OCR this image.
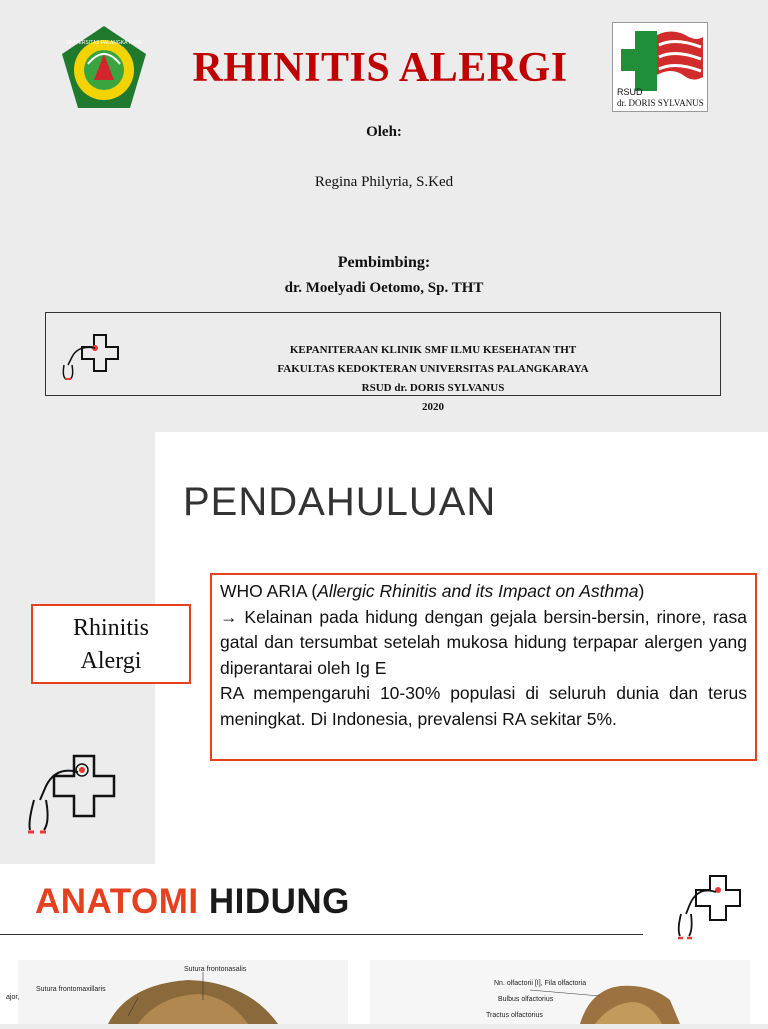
UNIVERSITAS PALANGKA RAYA
RHINITIS ALERGI
RSUD
dr. DORIS SYLVANUS
Oleh:
Regina Philyria, S.Ked
Pembimbing:
dr. Moelyadi Oetomo, Sp. THT
KEPANITERAAN KLINIK SMF ILMU KESEHATAN THT
FAKULTAS KEDOKTERAN UNIVERSITAS PALANGKARAYA
RSUD dr. DORIS SYLVANUS
2020
PENDAHULUAN
Rhinitis
Alergi

WHO ARIA (Allergic Rhinitis and its Impact on Asthma)
→ Kelainan pada hidung dengan gejala bersin-bersin, rinore, rasa gatal dan tersumbat setelah mukosa hidung terpapar alergen yang diperantarai oleh Ig E

RA mempengaruhi 10-30% populasi di seluruh dunia dan terus meningkat. Di Indonesia, prevalensi RA sekitar 5%.

ANATOMI HIDUNG
Sutura frontonasalis
Sutura frontomaxillaris
ajor,
Nn. olfactorii [I], Fila olfactoria
Bulbus olfactorius
Tractus olfactorius
